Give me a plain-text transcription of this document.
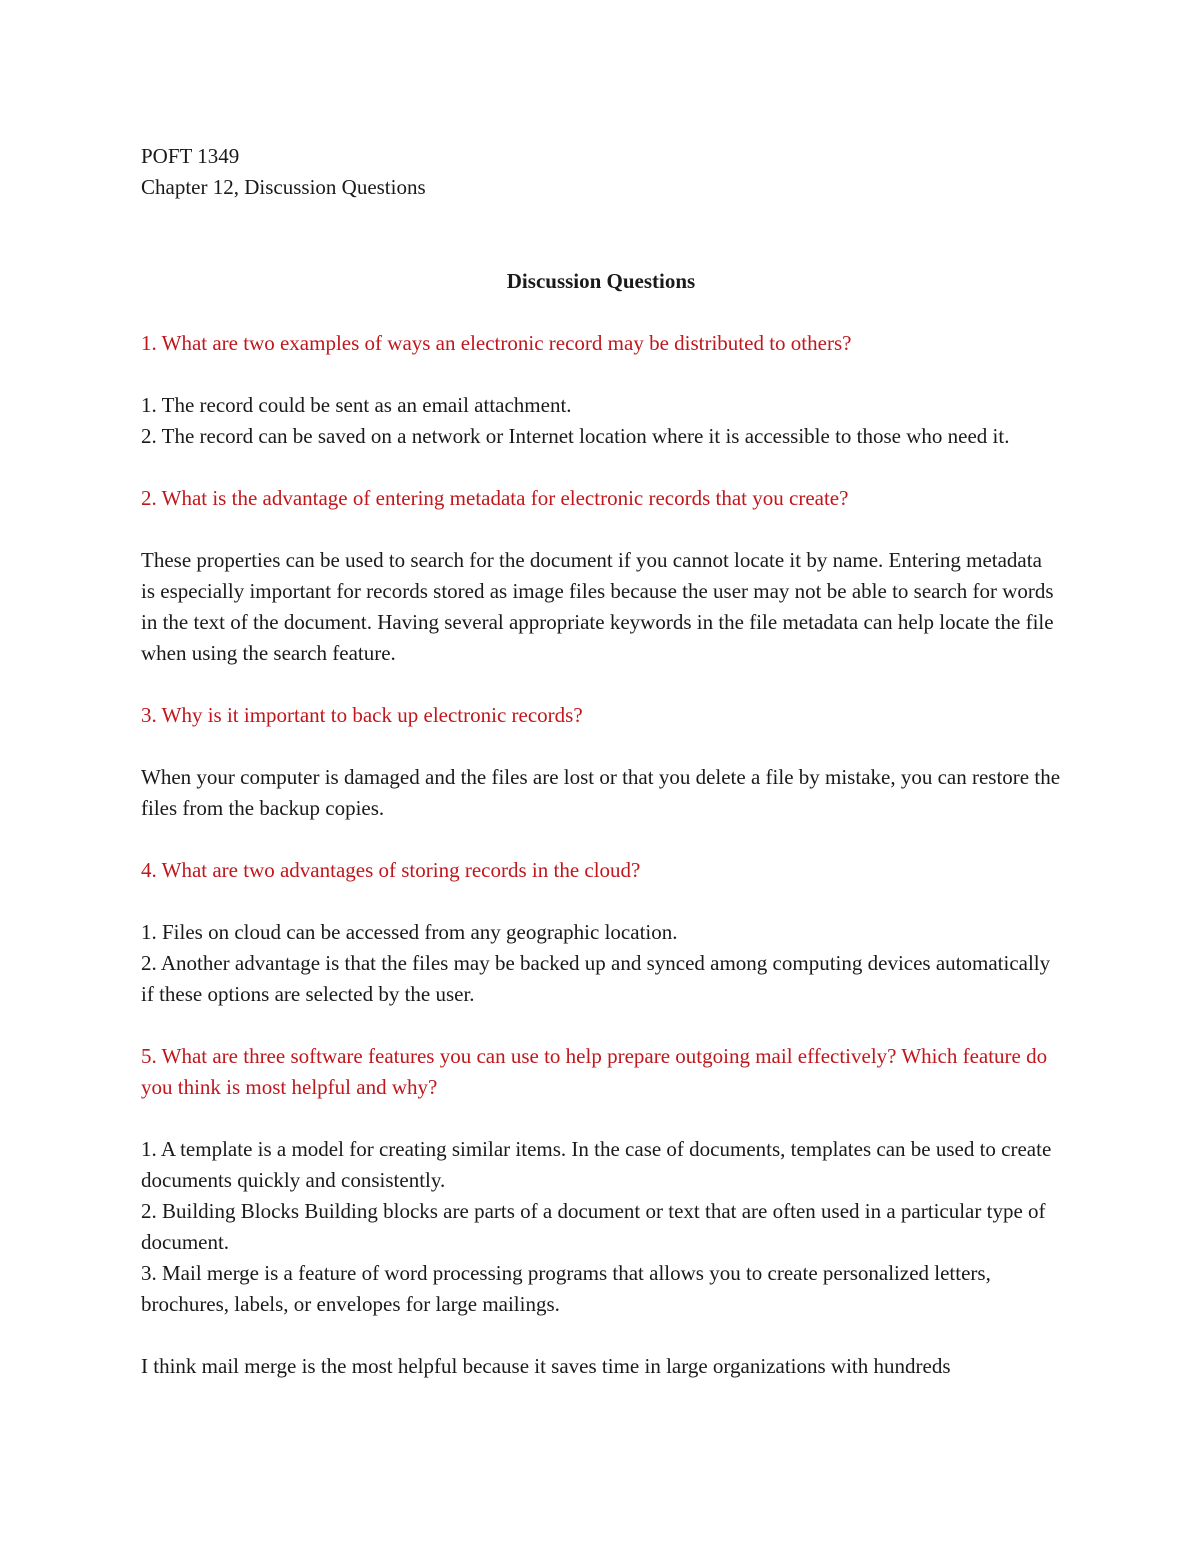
POFT 1349

Chapter 12, Discussion Questions

Discussion Questions

1. What are two examples of ways an electronic record may be distributed to others?

1. The record could be sent as an email attachment.

2. The record can be saved on a network or Internet location where it is accessible to those who need it.

2. What is the advantage of entering metadata for electronic records that you create?

These properties can be used to search for the document if you cannot locate it by name. Entering metadata is especially important for records stored as image files because the user may not be able to search for words in the text of the document. Having several appropriate keywords in the file metadata can help locate the file when using the search feature.

3. Why is it important to back up electronic records?

When your computer is damaged and the files are lost or that you delete a file by mistake, you can restore the files from the backup copies.

4. What are two advantages of storing records in the cloud?

1. Files on cloud can be accessed from any geographic location.

2. Another advantage is that the files may be backed up and synced among computing devices automatically if these options are selected by the user.

5. What are three software features you can use to help prepare outgoing mail effectively? Which feature do you think is most helpful and why?

1. A template is a model for creating similar items. In the case of documents, templates can be used to create documents quickly and consistently.

2. Building Blocks Building blocks are parts of a document or text that are often used in a particular type of document.

3. Mail merge is a feature of word processing programs that allows you to create personalized letters, brochures, labels, or envelopes for large mailings.

I think mail merge is the most helpful because it saves time in large organizations with hundreds
